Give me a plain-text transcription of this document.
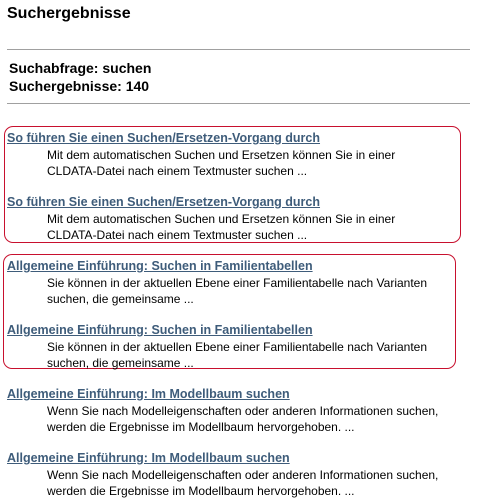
Suchergebnisse
Suchabfrage: suchen
Suchergebnisse: 140
So führen Sie einen Suchen/Ersetzen-Vorgang durch
Mit dem automatischen Suchen und Ersetzen können Sie in einer
CLDATA-Datei nach einem Textmuster suchen ...
So führen Sie einen Suchen/Ersetzen-Vorgang durch
Mit dem automatischen Suchen und Ersetzen können Sie in einer
CLDATA-Datei nach einem Textmuster suchen ...
Allgemeine Einführung: Suchen in Familientabellen
Sie können in der aktuellen Ebene einer Familientabelle nach Varianten
suchen, die gemeinsame ...
Allgemeine Einführung: Suchen in Familientabellen
Sie können in der aktuellen Ebene einer Familientabelle nach Varianten
suchen, die gemeinsame ...
Allgemeine Einführung: Im Modellbaum suchen
Wenn Sie nach Modelleigenschaften oder anderen Informationen suchen,
werden die Ergebnisse im Modellbaum hervorgehoben. ...
Allgemeine Einführung: Im Modellbaum suchen
Wenn Sie nach Modelleigenschaften oder anderen Informationen suchen,
werden die Ergebnisse im Modellbaum hervorgehoben. ...
